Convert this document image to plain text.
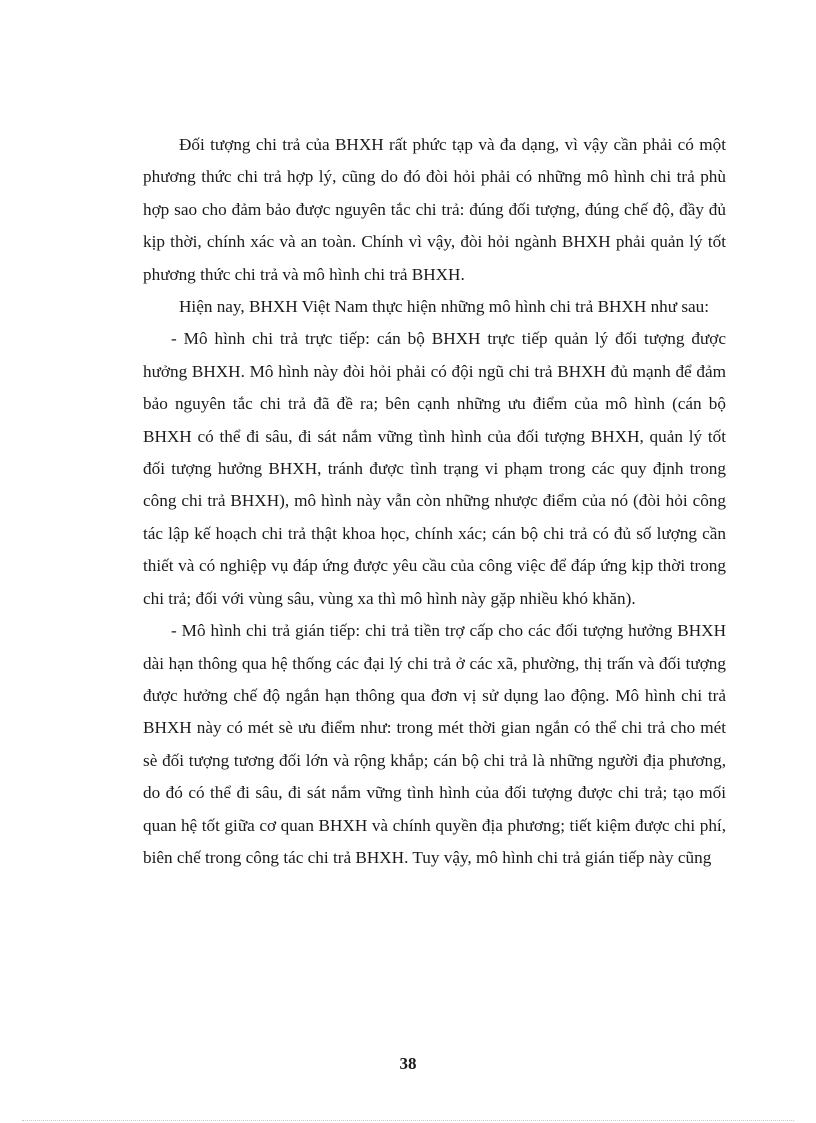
Đối tượng chi trả của BHXH rất phức tạp và đa dạng, vì vậy cần phải có một phương thức chi trả hợp lý, cũng do đó đòi hỏi phải có những mô hình chi trả phù hợp sao cho đảm bảo được nguyên tắc chi trả: đúng đối tượng, đúng chế độ, đầy đủ kịp thời, chính xác và an toàn. Chính vì vậy, đòi hỏi ngành BHXH phải quản lý tốt phương thức chi trả và mô hình chi trả BHXH.

Hiện nay, BHXH Việt Nam thực hiện những mô hình chi trả BHXH như sau:

- Mô hình chi trả trực tiếp: cán bộ BHXH trực tiếp quản lý đối tượng được hưởng BHXH. Mô hình này đòi hỏi phải có đội ngũ chi trả BHXH đủ mạnh để đảm bảo nguyên tắc chi trả đã đề ra; bên cạnh những ưu điểm của mô hình (cán bộ BHXH có thể đi sâu, đi sát nắm vững tình hình của đối tượng BHXH, quản lý tốt đối tượng hưởng BHXH, tránh được tình trạng vi phạm trong các quy định trong công chi trả BHXH), mô hình này vẫn còn những nhược điểm của nó (đòi hỏi công tác lập kế hoạch chi trả thật khoa học, chính xác; cán bộ chi trả có đủ số lượng cần thiết và có nghiệp vụ đáp ứng được yêu cầu của công việc để đáp ứng kịp thời trong chi trả; đối với vùng sâu, vùng xa thì mô hình này gặp nhiều khó khăn).

- Mô hình chi trả gián tiếp: chi trả tiền trợ cấp cho các đối tượng hưởng BHXH dài hạn thông qua hệ thống các đại lý chi trả ở các xã, phường, thị trấn và đối tượng được hưởng chế độ ngắn hạn thông qua đơn vị sử dụng lao động. Mô hình chi trả BHXH này có mét sè ưu điểm như: trong mét thời gian ngắn có thể chi trả cho mét sè đối tượng tương đối lớn và rộng khắp; cán bộ chi trả là những người địa phương, do đó có thể đi sâu, đi sát nắm vững tình hình của đối tượng được chi trả; tạo mối quan hệ tốt giữa cơ quan BHXH và chính quyền địa phương; tiết kiệm được chi phí, biên chế trong công tác chi trả BHXH. Tuy vậy, mô hình chi trả gián tiếp này cũng

38
